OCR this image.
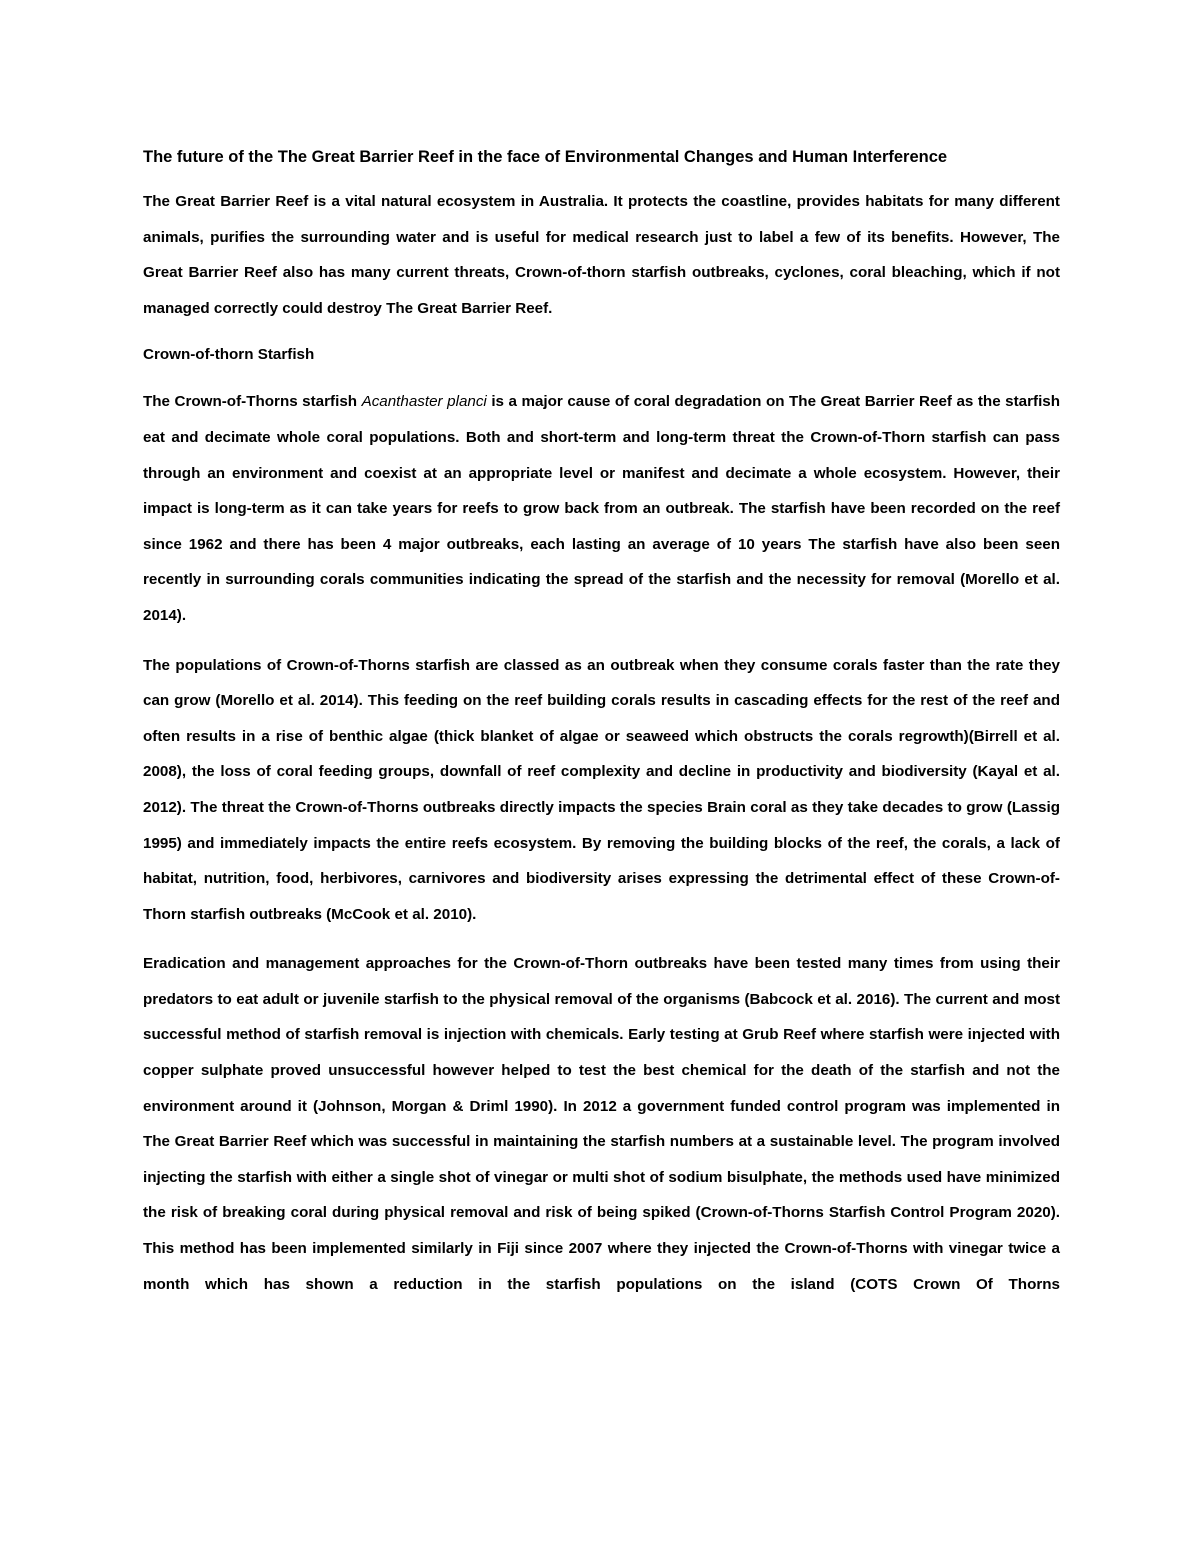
The future of the The Great Barrier Reef in the face of Environmental Changes and Human Interference

The Great Barrier Reef is a vital natural ecosystem in Australia. It protects the coastline, provides habitats for many different animals, purifies the surrounding water and is useful for medical research just to label a few of its benefits. However, The Great Barrier Reef also has many current threats, Crown-of-thorn starfish outbreaks, cyclones, coral bleaching, which if not managed correctly could destroy The Great Barrier Reef.

Crown-of-thorn Starfish

The Crown-of-Thorns starfish Acanthaster planci is a major cause of coral degradation on The Great Barrier Reef as the starfish eat and decimate whole coral populations. Both and short-term and long-term threat the Crown-of-Thorn starfish can pass through an environment and coexist at an appropriate level or manifest and decimate a whole ecosystem. However, their impact is long-term as it can take years for reefs to grow back from an outbreak. The starfish have been recorded on the reef since 1962 and there has been 4 major outbreaks, each lasting an average of 10 years The starfish have also been seen recently in surrounding corals communities indicating the spread of the starfish and the necessity for removal (Morello et al. 2014).

The populations of Crown-of-Thorns starfish are classed as an outbreak when they consume corals faster than the rate they can grow (Morello et al. 2014). This feeding on the reef building corals results in cascading effects for the rest of the reef and often results in a rise of benthic algae (thick blanket of algae or seaweed which obstructs the corals regrowth)(Birrell et al. 2008), the loss of coral feeding groups, downfall of reef complexity and decline in productivity and biodiversity (Kayal et al. 2012). The threat the Crown-of-Thorns outbreaks directly impacts the species Brain coral as they take decades to grow (Lassig 1995) and immediately impacts the entire reefs ecosystem. By removing the building blocks of the reef, the corals, a lack of habitat, nutrition, food, herbivores, carnivores and biodiversity arises expressing the detrimental effect of these Crown-of-Thorn starfish outbreaks (McCook et al. 2010).

Eradication and management approaches for the Crown-of-Thorn outbreaks have been tested many times from using their predators to eat adult or juvenile starfish to the physical removal of the organisms (Babcock et al. 2016). The current and most successful method of starfish removal is injection with chemicals. Early testing at Grub Reef where starfish were injected with copper sulphate proved unsuccessful however helped to test the best chemical for the death of the starfish and not the environment around it (Johnson, Morgan & Driml 1990). In 2012 a government funded control program was implemented in The Great Barrier Reef which was successful in maintaining the starfish numbers at a sustainable level. The program involved injecting the starfish with either a single shot of vinegar or multi shot of sodium bisulphate, the methods used have minimized the risk of breaking coral during physical removal and risk of being spiked (Crown-of-Thorns Starfish Control Program 2020). This method has been implemented similarly in Fiji since 2007 where they injected the Crown-of-Thorns with vinegar twice a month which has shown a reduction in the starfish populations on the island (COTS Crown Of Thorns
